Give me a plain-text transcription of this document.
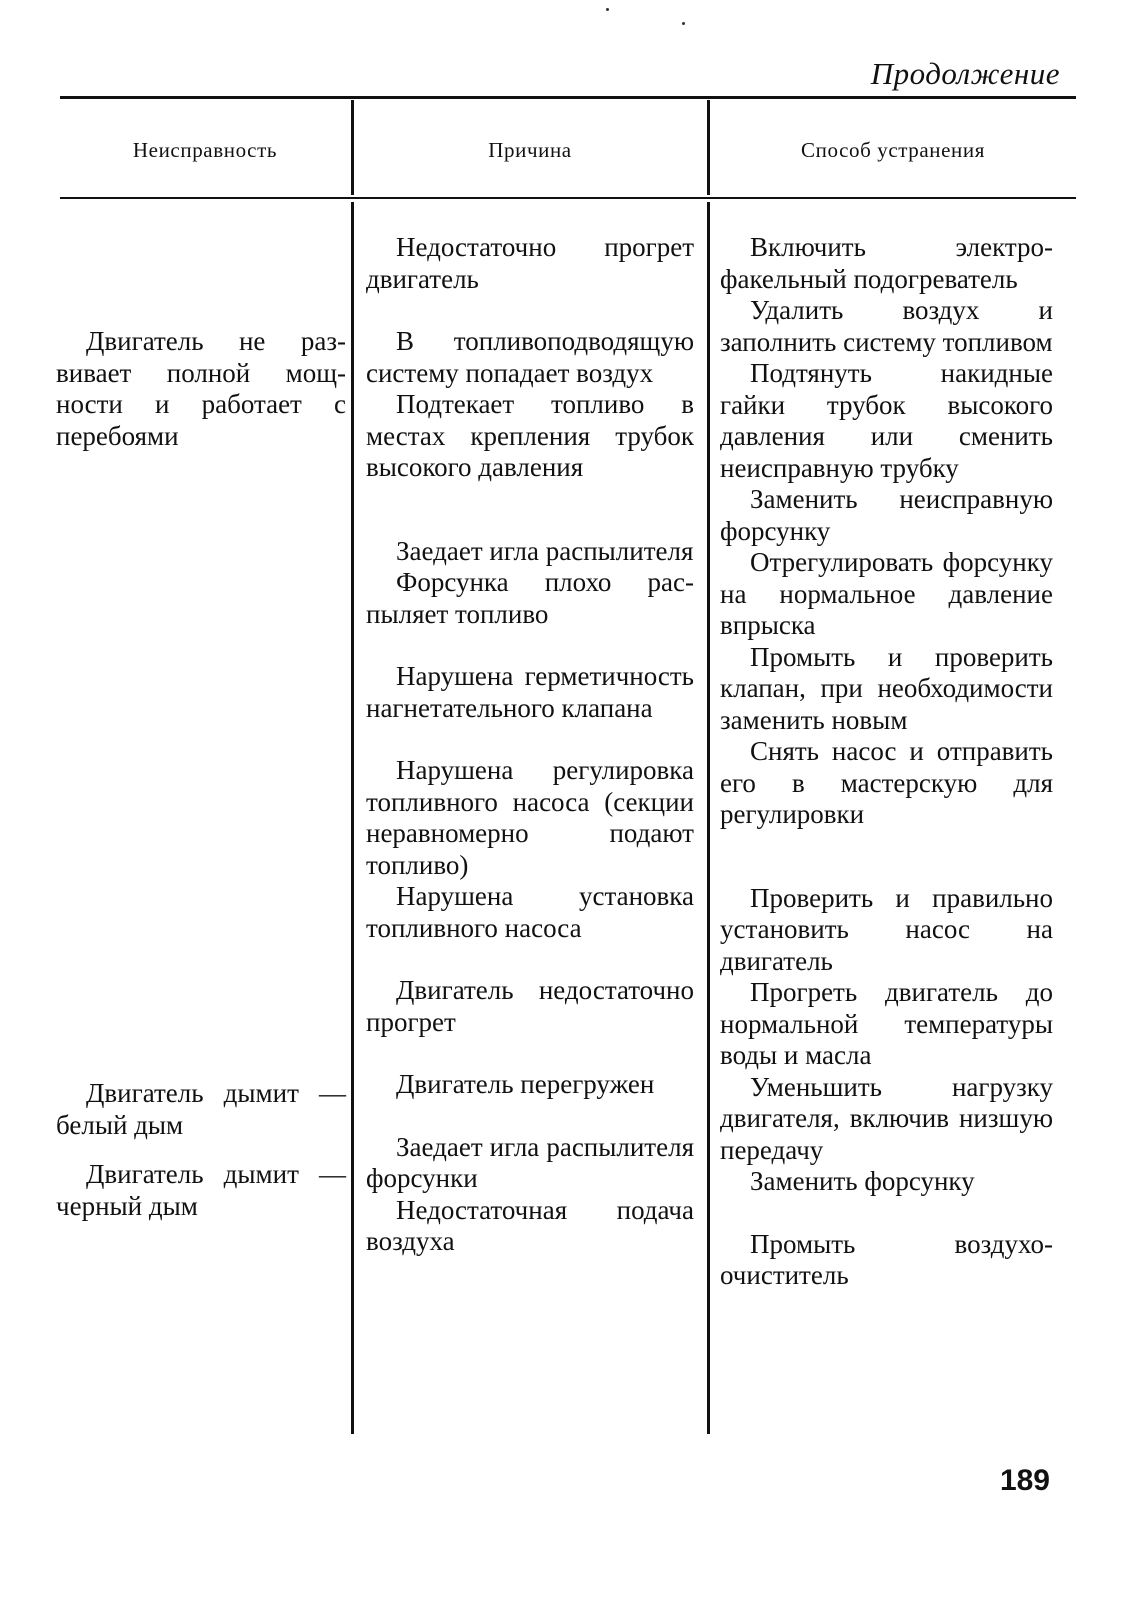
Продолжение
Неисправность	Причина	Способ устранения
Двигатель не развивает полной мощности и работает с перебоями
Двигатель дымит — белый дым
Двигатель дымит — черный дым
Недостаточно прогрет двигатель
В топливоподводящую систему попадает воздух
Подтекает топливо в местах крепления трубок высокого давления
Заедает игла распылителя
Форсунка плохо распыляет топливо
Нарушена герметичность нагнетательного клапана
Нарушена регулировка топливного насоса (секции неравномерно подают топливо)
Нарушена установка топливного насоса
Двигатель недостаточно прогрет
Двигатель перегружен
Заедает игла распылителя форсунки
Недостаточная подача воздуха
Включить электрофакельный подогреватель
Удалить воздух и заполнить систему топливом
Подтянуть накидные гайки трубок высокого давления или сменить неисправную трубку
Заменить неисправную форсунку
Отрегулировать форсунку на нормальное давление впрыска
Промыть и проверить клапан, при необходимости заменить новым
Снять насос и отправить его в мастерскую для регулировки
Проверить и правильно установить насос на двигатель
Прогреть двигатель до нормальной температуры воды и масла
Уменьшить нагрузку двигателя, включив низшую передачу
Заменить форсунку
Промыть воздухоочиститель
189
